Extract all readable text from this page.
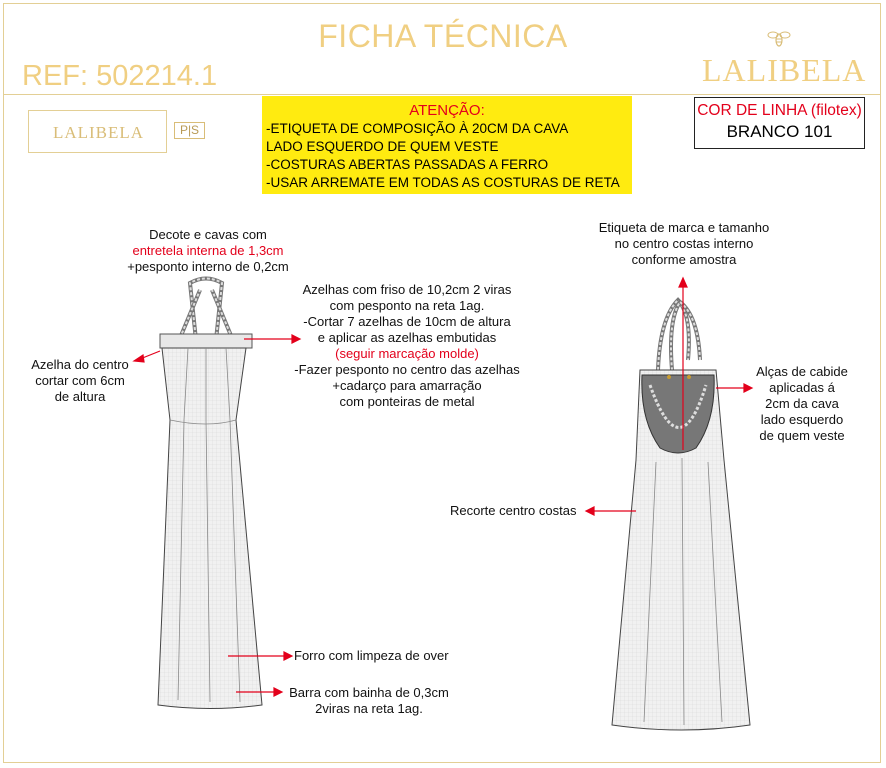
FICHA TÉCNICA
REF: 502214.1	LALIBELA
LALIBELA	P|S
ATENÇÃO:
-ETIQUETA DE COMPOSIÇÃO À 20CM DA CAVA
LADO ESQUERDO DE QUEM VESTE
-COSTURAS ABERTAS PASSADAS A FERRO
-USAR ARREMATE EM TODAS AS COSTURAS DE RETA
COR DE LINHA (filotex)
BRANCO 101
Decote e cavas com
entretela interna de 1,3cm
+pesponto interno de 0,2cm
Azelhas com friso de 10,2cm 2 viras
com pesponto na reta 1ag.
-Cortar 7 azelhas de 10cm de altura
e aplicar as azelhas embutidas
(seguir marcação molde)
-Fazer pesponto no centro das azelhas
+cadarço para amarração
com ponteiras de metal
Azelha do centro
cortar com 6cm
de altura
Forro com limpeza de over
Barra com bainha de 0,3cm
2viras na reta 1ag.
Etiqueta de marca e tamanho
no centro costas interno
conforme amostra
Alças de cabide
aplicadas á
2cm da cava
lado esquerdo
de quem veste
Recorte centro costas
